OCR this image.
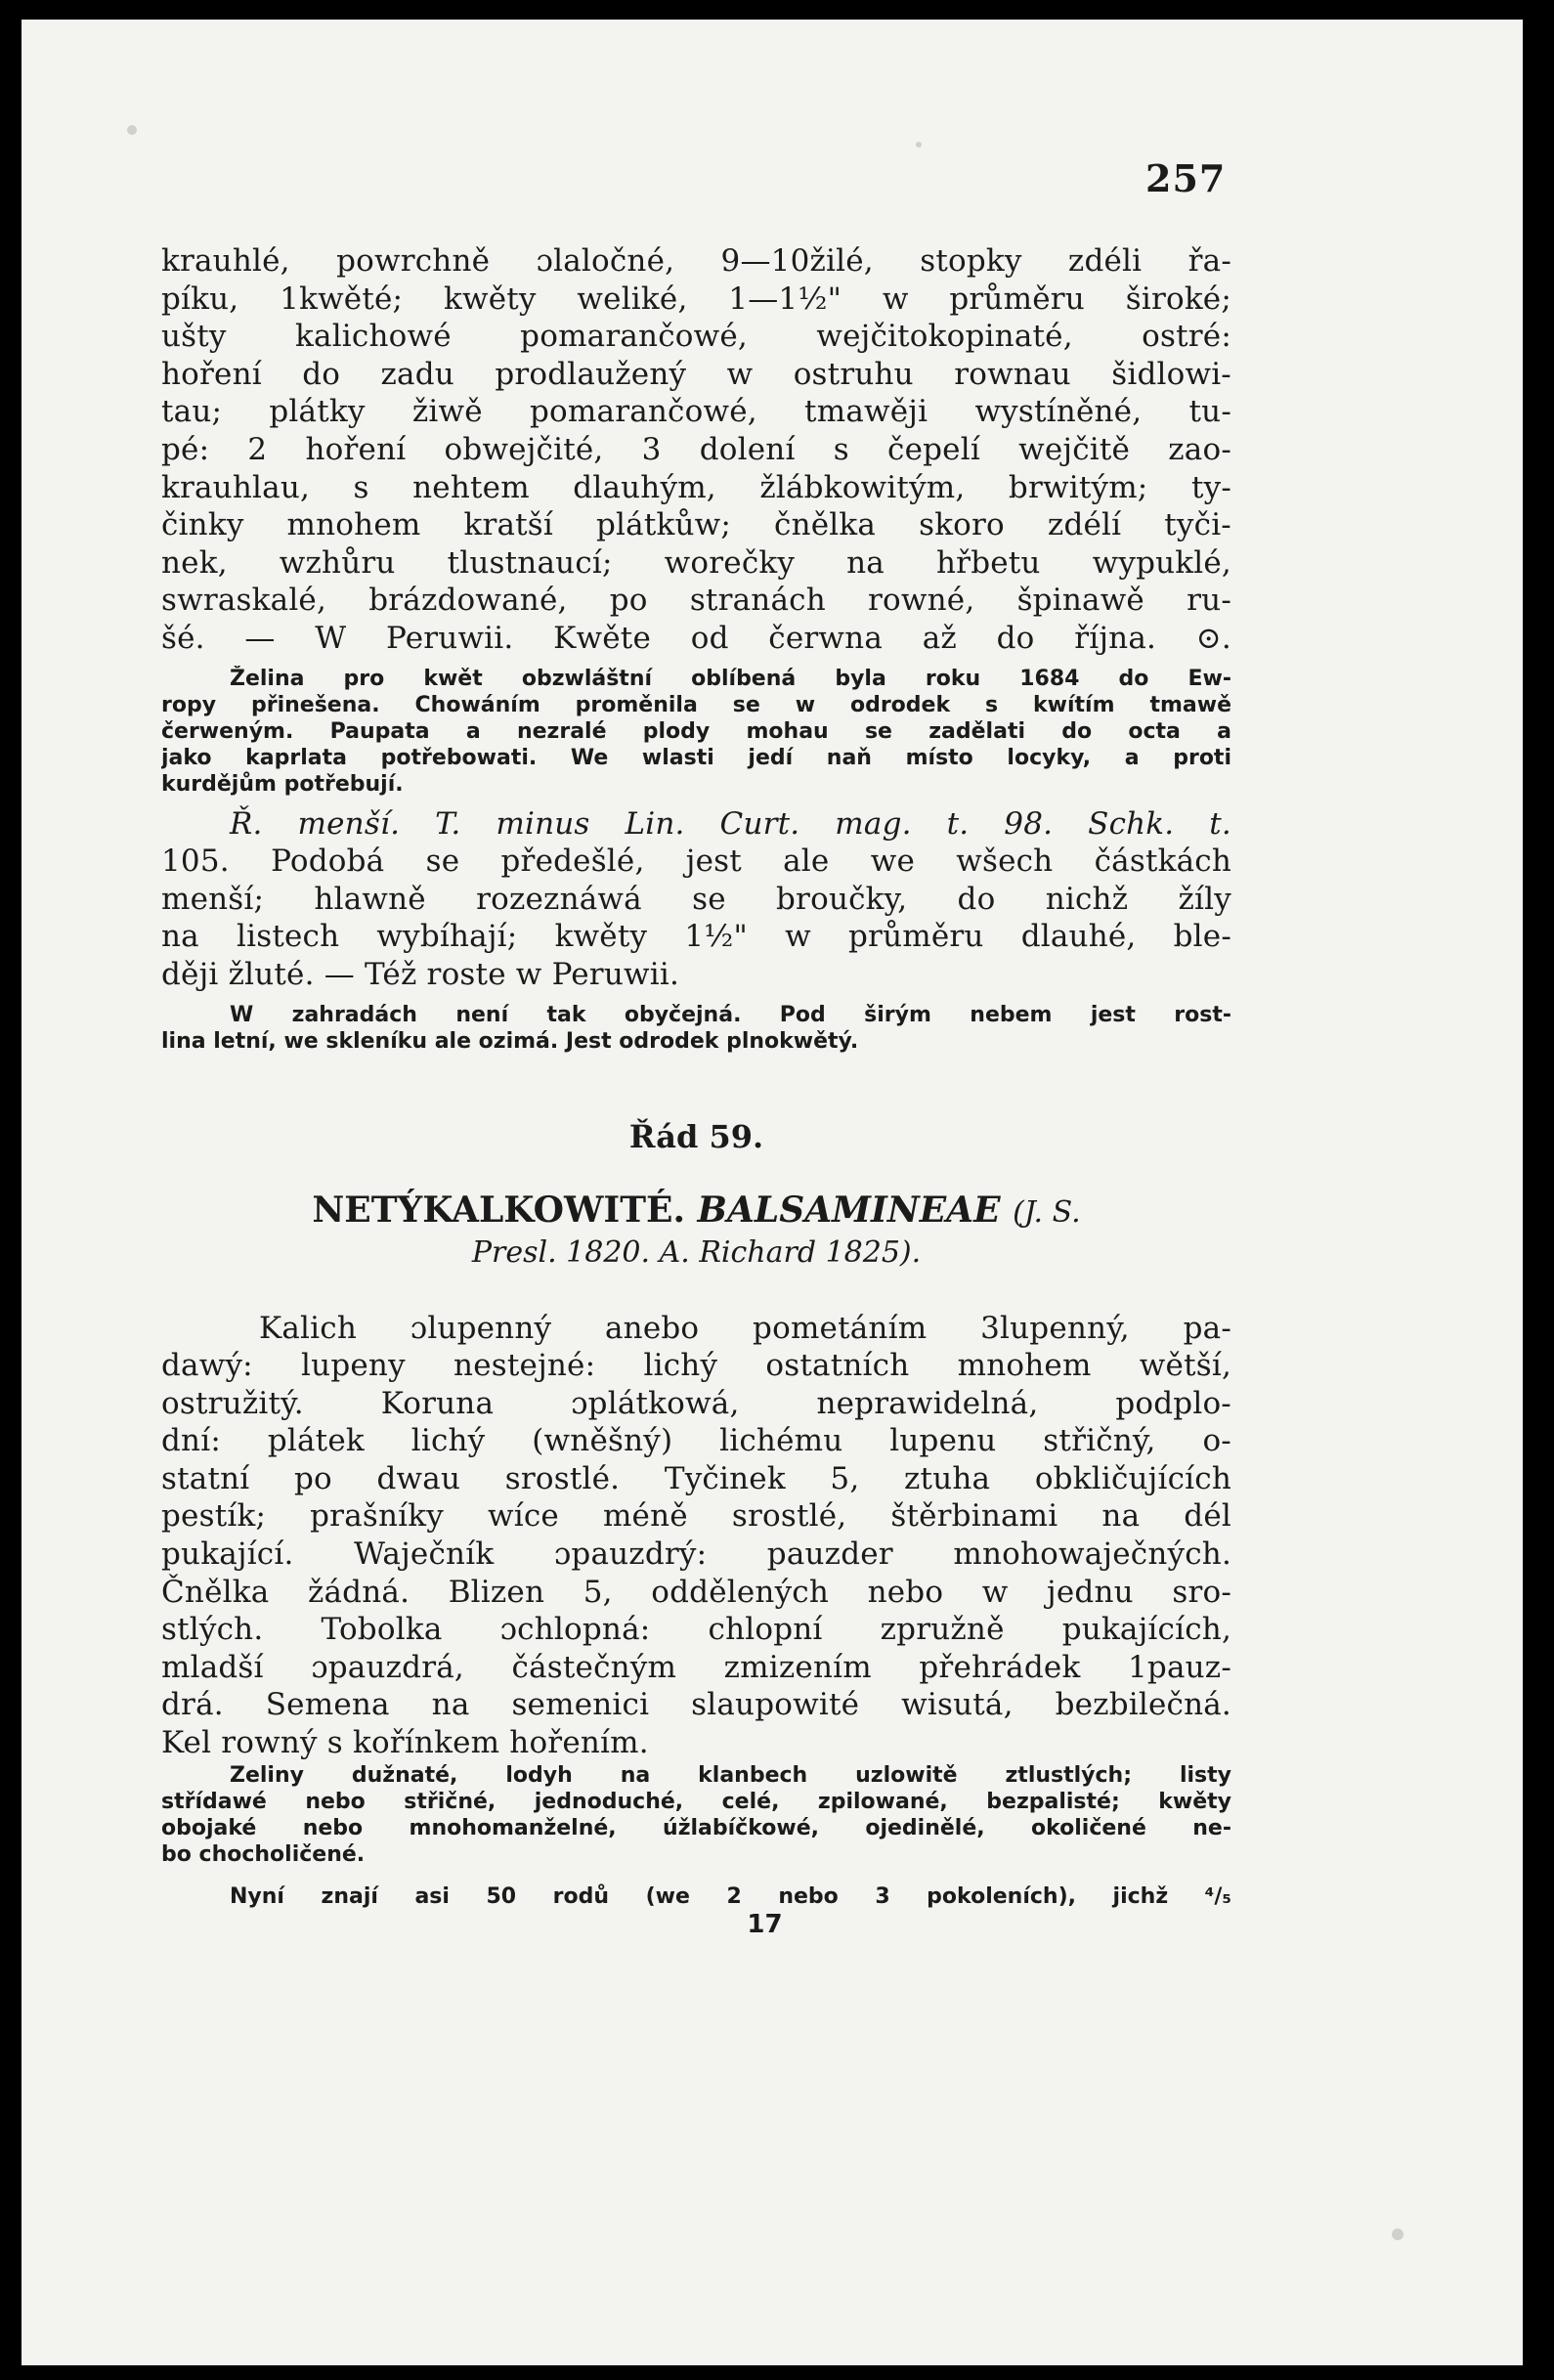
257
krauhlé, powrchně ɔlaločné, 9—10žilé, stopky zdéli řa-
píku, 1kwěté; kwěty weliké, 1—1½" w průměru široké;
ušty kalichowé pomarančowé, wejčitokopinaté, ostré:
hoření do zadu prodlaužený w ostruhu rownau šidlowi-
tau; plátky žiwě pomarančowé, tmawěji wystíněné, tu-
pé: 2 hoření obwejčité, 3 dolení s čepelí wejčitě zao-
krauhlau, s nehtem dlauhým, žlábkowitým, brwitým; ty-
činky mnohem kratší plátkůw; čnělka skoro zdélí tyči-
nek, wzhůru tlustnaucí; worečky na hřbetu wypuklé,
swraskalé, brázdowané, po stranách rowné, špinawě ru-
šé. — W Peruwii. Kwěte od čerwna až do října. ⊙.
Želina pro kwět obzwláštní oblíbená byla roku 1684 do Ew-
ropy přinešena. Chowáním proměnila se w odrodek s kwítím tmawě
čerweným. Paupata a nezralé plody mohau se zadělati do octa a
jako kaprlata potřebowati. We wlasti jedí naň místo locyky, a proti
kurdějům potřebují.
Ř. menší. T. minus Lin. Curt. mag. t. 98. Schk. t.
105. Podobá se předešlé, jest ale we wšech částkách
menší; hlawně rozeznáwá se broučky, do nichž žíly
na listech wybíhají; kwěty 1½" w průměru dlauhé, ble-
ději žluté. — Též roste w Peruwii.
W zahradách není tak obyčejná. Pod širým nebem jest rost-
lina letní, we skleníku ale ozimá. Jest odrodek plnokwětý.
Řád 59.
NETÝKALKOWITÉ. BALSAMINEAE (J. S.
Presl. 1820. A. Richard 1825).
Kalich ɔlupenný anebo pometáním 3lupenný, pa-
dawý: lupeny nestejné: lichý ostatních mnohem wětší,
ostružitý. Koruna ɔplátkowá, neprawidelná, podplo-
dní: plátek lichý (wněšný) lichému lupenu střičný, o-
statní po dwau srostlé. Tyčinek 5, ztuha obkličujících
pestík; prašníky wíce méně srostlé, štěrbinami na dél
pukající. Waječník ɔpauzdrý: pauzder mnohowaječných.
Čnělka žádná. Blizen 5, oddělených nebo w jednu sro-
stlých. Tobolka ɔchlopná: chlopní zpružně pukajících,
mladší ɔpauzdrá, částečným zmizením přehrádek 1pauz-
drá. Semena na semenici slaupowité wisutá, bezbilečná.
Kel rowný s kořínkem hořením.
Zeliny dužnaté, lodyh na klanbech uzlowitě ztlustlých; listy
střídawé nebo střičné, jednoduché, celé, zpilowané, bezpalisté; kwěty
obojaké nebo mnohomanželné, úžlabíčkowé, ojedinělé, okoličené ne-
bo chocholičené.
Nyní znají asi 50 rodů (we 2 nebo 3 pokoleních), jichž ⁴/₅
17
